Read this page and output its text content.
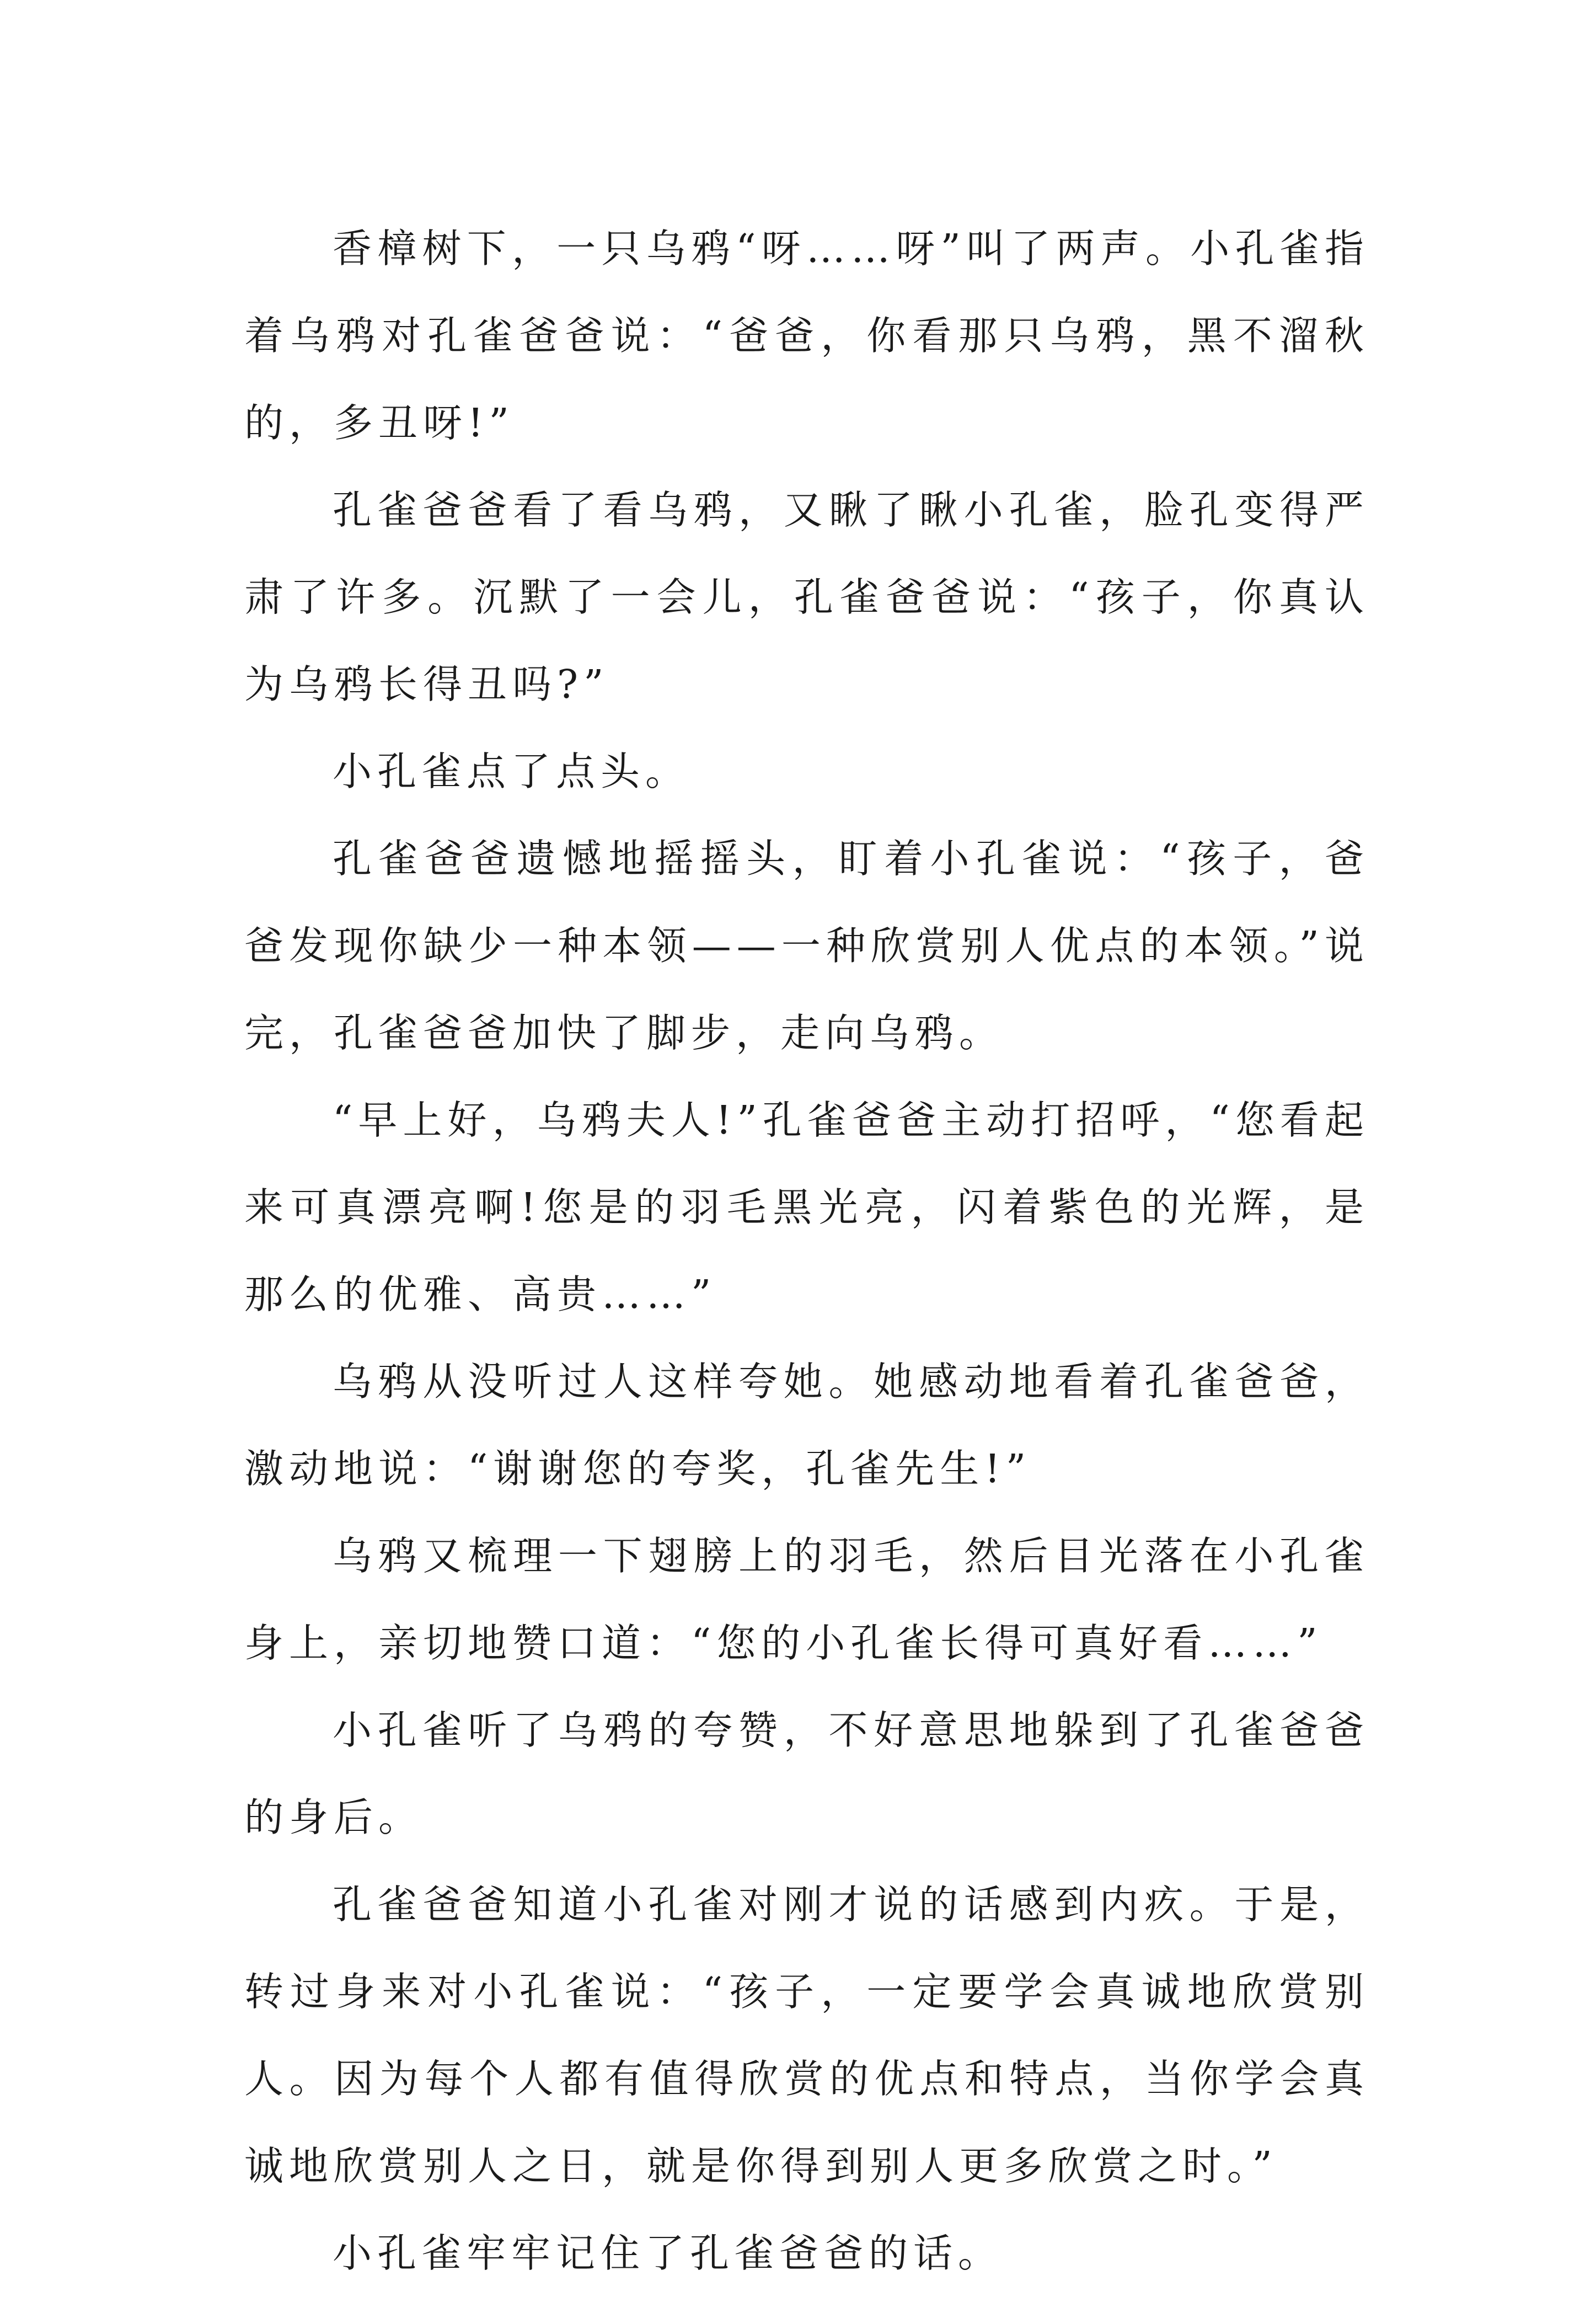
香樟树下，一只乌鸦“呀……呀”叫了两声。小孔雀指着乌鸦对孔雀爸爸说：“爸爸，你看那只乌鸦，黑不溜秋的，多丑呀!”

孔雀爸爸看了看乌鸦，又瞅了瞅小孔雀，脸孔变得严肃了许多。沉默了一会儿，孔雀爸爸说：“孩子，你真认为乌鸦长得丑吗?”

小孔雀点了点头。

孔雀爸爸遗憾地摇摇头，盯着小孔雀说：“孩子，爸爸发现你缺少一种本领——一种欣赏别人优点的本领。”说完，孔雀爸爸加快了脚步，走向乌鸦。

“早上好，乌鸦夫人!”孔雀爸爸主动打招呼，“您看起来可真漂亮啊!您是的羽毛黑光亮，闪着紫色的光辉，是那么的优雅、高贵……”

乌鸦从没听过人这样夸她。她感动地看着孔雀爸爸，激动地说：“谢谢您的夸奖，孔雀先生!”

乌鸦又梳理一下翅膀上的羽毛，然后目光落在小孔雀身上，亲切地赞口道：“您的小孔雀长得可真好看……”

小孔雀听了乌鸦的夸赞，不好意思地躲到了孔雀爸爸的身后。

孔雀爸爸知道小孔雀对刚才说的话感到内疚。于是，转过身来对小孔雀说：“孩子，一定要学会真诚地欣赏别人。因为每个人都有值得欣赏的优点和特点，当你学会真诚地欣赏别人之日，就是你得到别人更多欣赏之时。”

小孔雀牢牢记住了孔雀爸爸的话。
